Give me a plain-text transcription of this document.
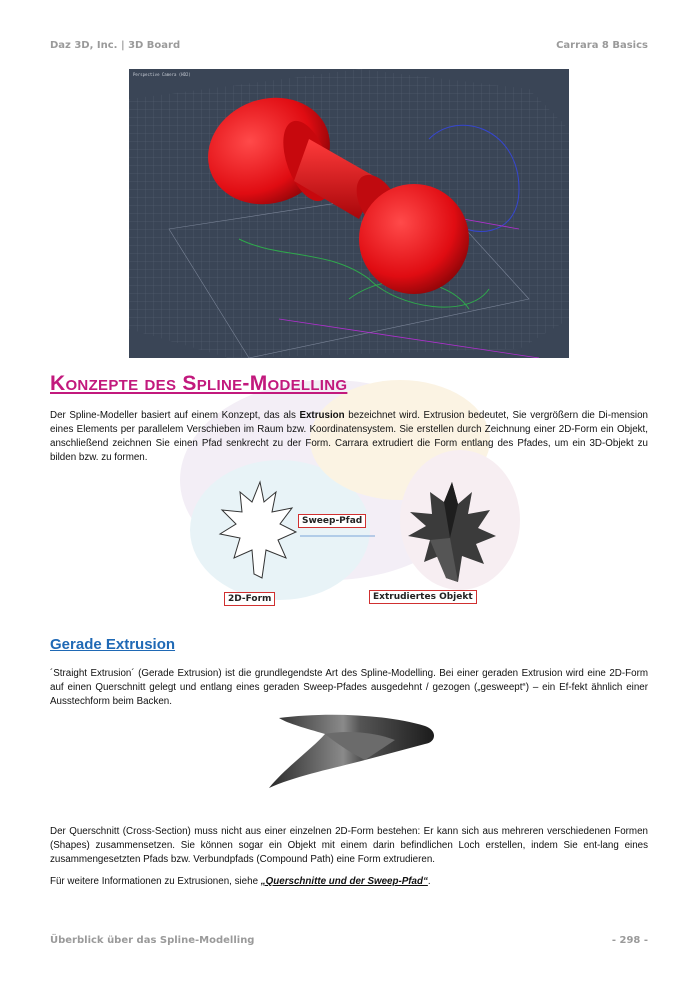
Daz 3D, Inc. | 3D Board	Carrara 8 Basics
Perspective Camera (HD2)
Konzepte des Spline-Modelling

Der Spline-Modeller basiert auf einem Konzept, das als Extrusion bezeichnet wird. Extrusion bedeutet, Sie vergrößern die Di-mension eines Elements per parallelem Verschieben im Raum bzw. Koordinatensystem. Sie erstellen durch Zeichnung einer 2D-Form ein Objekt, anschließend zeichnen Sie einen Pfad senkrecht zu der Form. Carrara extrudiert die Form entlang des Pfades, um ein 3D-Objekt zu bilden bzw. zu formen.

Sweep-Pfad
2D-Form	Extrudiertes Objekt
Gerade Extrusion

´Straight Extrusion´ (Gerade Extrusion) ist die grundlegendste Art des Spline-Modelling. Bei einer geraden Extrusion wird eine 2D-Form auf einen Querschnitt gelegt und entlang eines geraden Sweep-Pfades ausgedehnt / gezogen („gesweept“) – ein Ef-fekt ähnlich einer Ausstechform beim Backen.

Der Querschnitt (Cross-Section) muss nicht aus einer einzelnen 2D-Form bestehen: Er kann sich aus mehreren verschiedenen Formen (Shapes) zusammensetzen. Sie können sogar ein Objekt mit einem darin befindlichen Loch erstellen, indem Sie ent-lang eines zusammengesetzten Pfads bzw. Verbundpfads (Compound Path) eine Form extrudieren.

Für weitere Informationen zu Extrusionen, siehe „Querschnitte und der Sweep-Pfad“.

Überblick über das Spline-Modelling	- 298 -
